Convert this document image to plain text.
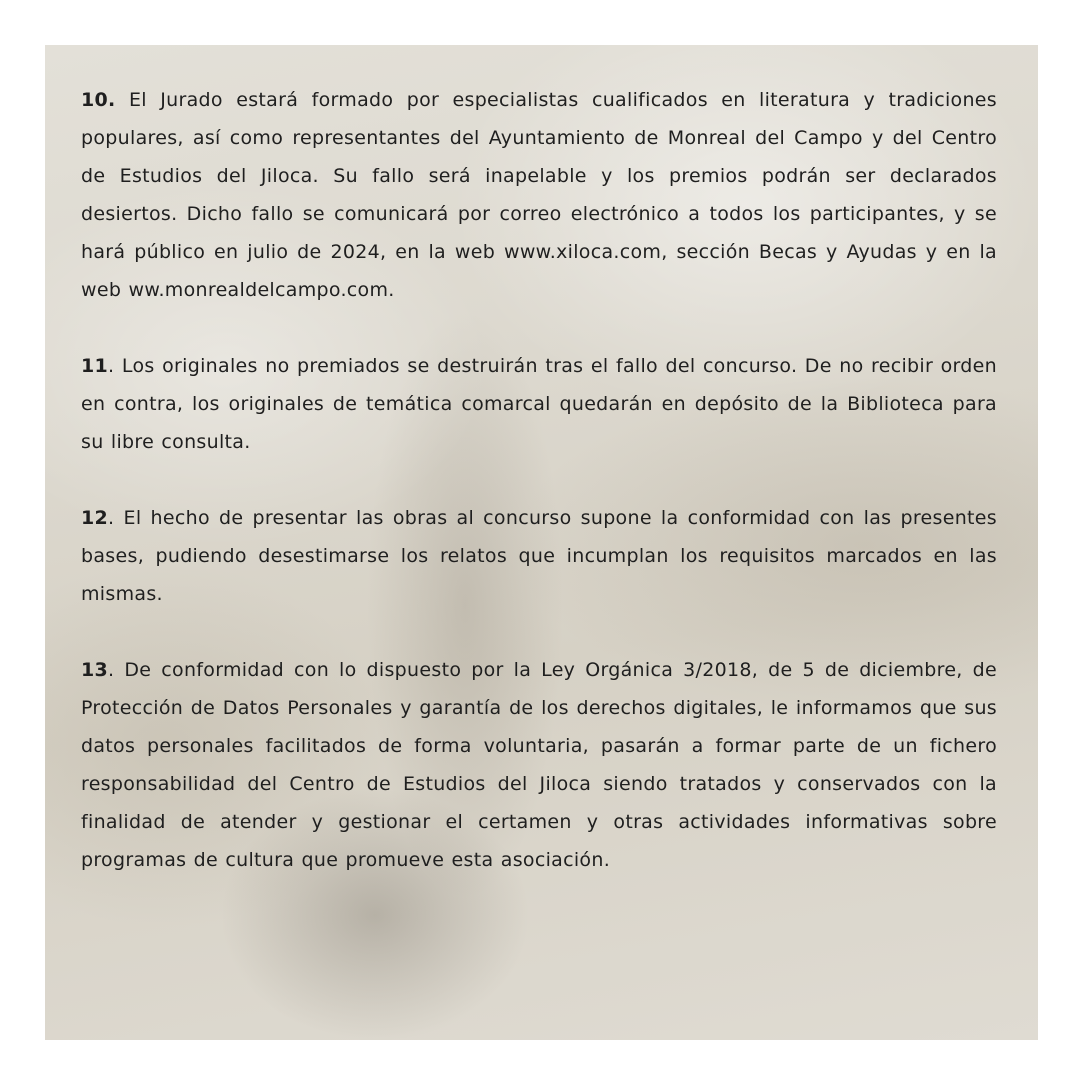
10. El Jurado estará formado por especialistas cualificados en literatura y tradiciones populares, así como representantes del Ayuntamiento de Monreal del Campo y del Centro de Estudios del Jiloca. Su fallo será inapelable y los premios podrán ser declarados desiertos. Dicho fallo se comunicará por correo electrónico a todos los participantes, y se hará público en julio de 2024, en la web www.xiloca.com, sección Becas y Ayudas y en la web ww.monrealdelcampo.com.

11. Los originales no premiados se destruirán tras el fallo del concurso. De no recibir orden en contra, los originales de temática comarcal quedarán en depósito de la Biblioteca para su libre consulta.

12. El hecho de presentar las obras al concurso supone la conformidad con las presentes bases, pudiendo desestimarse los relatos que incumplan los requisitos marcados en las mismas.

13. De conformidad con lo dispuesto por la Ley Orgánica 3/2018, de 5 de diciembre, de Protección de Datos Personales y garantía de los derechos digitales, le informamos que sus datos personales facilitados de forma voluntaria, pasarán a formar parte de un fichero responsabilidad del Centro de Estudios del Jiloca siendo tratados y conservados con la finalidad de atender y gestionar el certamen y otras actividades informativas sobre programas de cultura que promueve esta asociación.
